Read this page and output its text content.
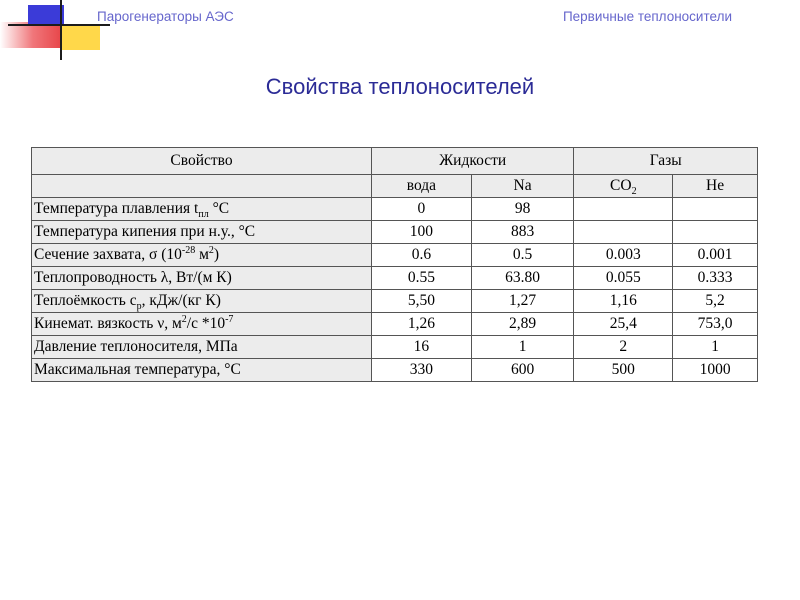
Парогенераторы АЭС	Первичные теплоносители
Свойства теплоносителей
Свойство	Жидкости		Газы	
	вода	Na	$CO_2$	He
Температура плавления $t_{пл}$ °C	0	98		
Температура кипения при н.у., °C	100	883		
Сечение захвата, σ ($10^{-28}$ $м^2$)	0.6	0.5	0.003	0.001
Теплопроводность λ, Вт/(м К)	0.55	63.80	0.055	0.333
Теплоёмкость $c_p$, кДж/(кг К)	5,50	1,27	1,16	5,2
Кинемат. вязкость ν, $м^2/с$ $*10^{-7}$	1,26	2,89	25,4	753,0
Давление теплоносителя, МПа	16	1	2	1
Максимальная температура, °C	330	600	500	1000
